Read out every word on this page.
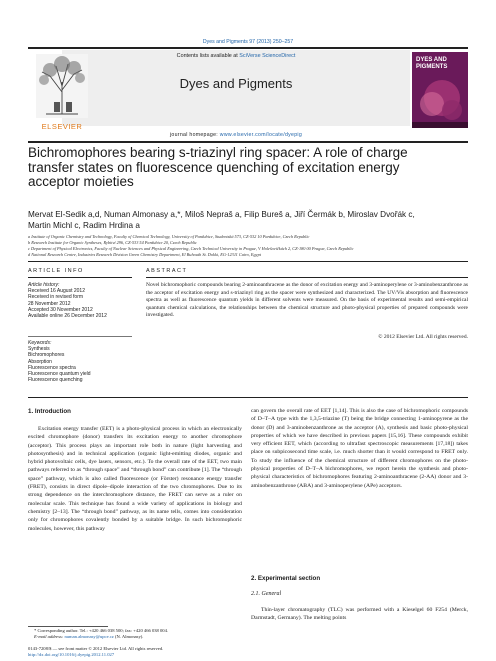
Dyes and Pigments 97 (2013) 250–257
Contents lists available at SciVerse ScienceDirect
ELSEVIER
Dyes and Pigments
DYES AND PIGMENTS
journal homepage: www.elsevier.com/locate/dyepig
Bichromophores bearing s-triazinyl ring spacer: A role of charge transfer states on fluorescence quenching of excitation energy acceptor moieties
Mervat El-Sedik a,d, Numan Almonasy a,*, Miloš Nepraš a, Filip Bureš a, Jiří Čermák b, Miroslav Dvořák c,
Martin Michl c, Radim Hrdina a
a Institute of Organic Chemistry and Technology, Faculty of Chemical Technology, University of Pardubice, Studentská 573, CZ-532 10 Pardubice, Czech Republic
b Research Institute for Organic Syntheses, Rybitví 296, CZ-533 54 Pardubice 20, Czech Republic
c Department of Physical Electronics, Faculty of Nuclear Sciences and Physical Engineering, Czech Technical University in Prague, V Holešovičkách 2, CZ-180 00 Prague, Czech Republic
d National Research Centre, Industries Research Division Green Chemistry Department, El Buhouth St. Dokki, EG-12311 Cairo, Egypt
ARTICLE INFO
Article history:
Received 16 August 2012
Received in revised form
28 November 2012
Accepted 30 November 2012
Available online 26 December 2012
Keywords:
Synthesis
Bichromophores
Absorption
Fluorescence spectra
Fluorescence quantum yield
Fluorescence quenching
ABSTRACT
Novel bichromophoric compounds bearing 2-aminoanthracene as the donor of excitation energy and 3-aminoperylene or 3-aminobenzanthrone as the acceptor of excitation energy and s-triazinyl ring as the spacer were synthesized and characterized. The UV/Vis absorption and fluorescence spectra as well as fluorescence quantum yields in different solvents were measured. On the basis of experimental results and semi-empirical quantum chemical calculations, the relationships between the chemical structure and photo-physical properties of prepared compounds were investigated.
© 2012 Elsevier Ltd. All rights reserved.
1. Introduction
Excitation energy transfer (EET) is a photo-physical process in which an electronically excited chromophore (donor) transfers its excitation energy to another chromophore (acceptor). This process plays an important role both in nature (light harvesting and photosynthesis) and in technical application (organic light-emitting diodes, organic and hybrid photovoltaic cells, dye lasers, sensors, etc.). To the overall rate of the EET, two main pathways referred to as “through space” and “through bond” can contribute [1]. The “through space” pathway, which is also called fluorescence (or Förster) resonance energy transfer (FRET), consists in direct dipole–dipole interaction of the two chromophores. Due to its strong dependence on the interchromophore distance, the FRET can serve as a ruler on molecular scale. This technique has found a wide variety of applications in biology and chemistry [2–13]. The “through bond” pathway, as its name tells, comes into consideration only for chromophores covalently bonded by a suitable bridge. In such bichromophoric molecules, however, this pathway
can govern the overall rate of EET [1,14]. This is also the case of bichromophoric compounds of D–T–A type with the 1,3,5-triazine (T) being the bridge connecting 1-aminopyrene as the donor (D) and 3-aminobenzanthrone as the acceptor (A), synthesis and basic photo-physical properties of which we have described in previous papers [15,16]. These compounds exhibit very efficient EET, which (according to ultrafast spectroscopic measurements [17,18]) takes place on subpicosecond time scale, i.e. much shorter than it would correspond to FRET only. To study the influence of the chemical structure of different chromophores on the photo-physical properties of D–T–A bichromophores, we report herein the synthesis and photo-physical characteristics of bichromophores featuring 2-aminoanthracene (2-AA) donor and 3-aminobenzanthrone (ABA) and 3-aminoperylene (APe) acceptors.
2. Experimental section
2.1. General
Thin-layer chromatography (TLC) was performed with a Kieselgel 60 F254 (Merck, Darmstadt, Germany). The melting points
* Corresponding author. Tel.: +420 466 038 500; fax: +420 466 038 004.
E-mail address: numan.almonasy@upce.cz (N. Almonasy).
0143-7208/$ — see front matter © 2012 Elsevier Ltd. All rights reserved.
http://dx.doi.org/10.1016/j.dyepig.2012.11.027
